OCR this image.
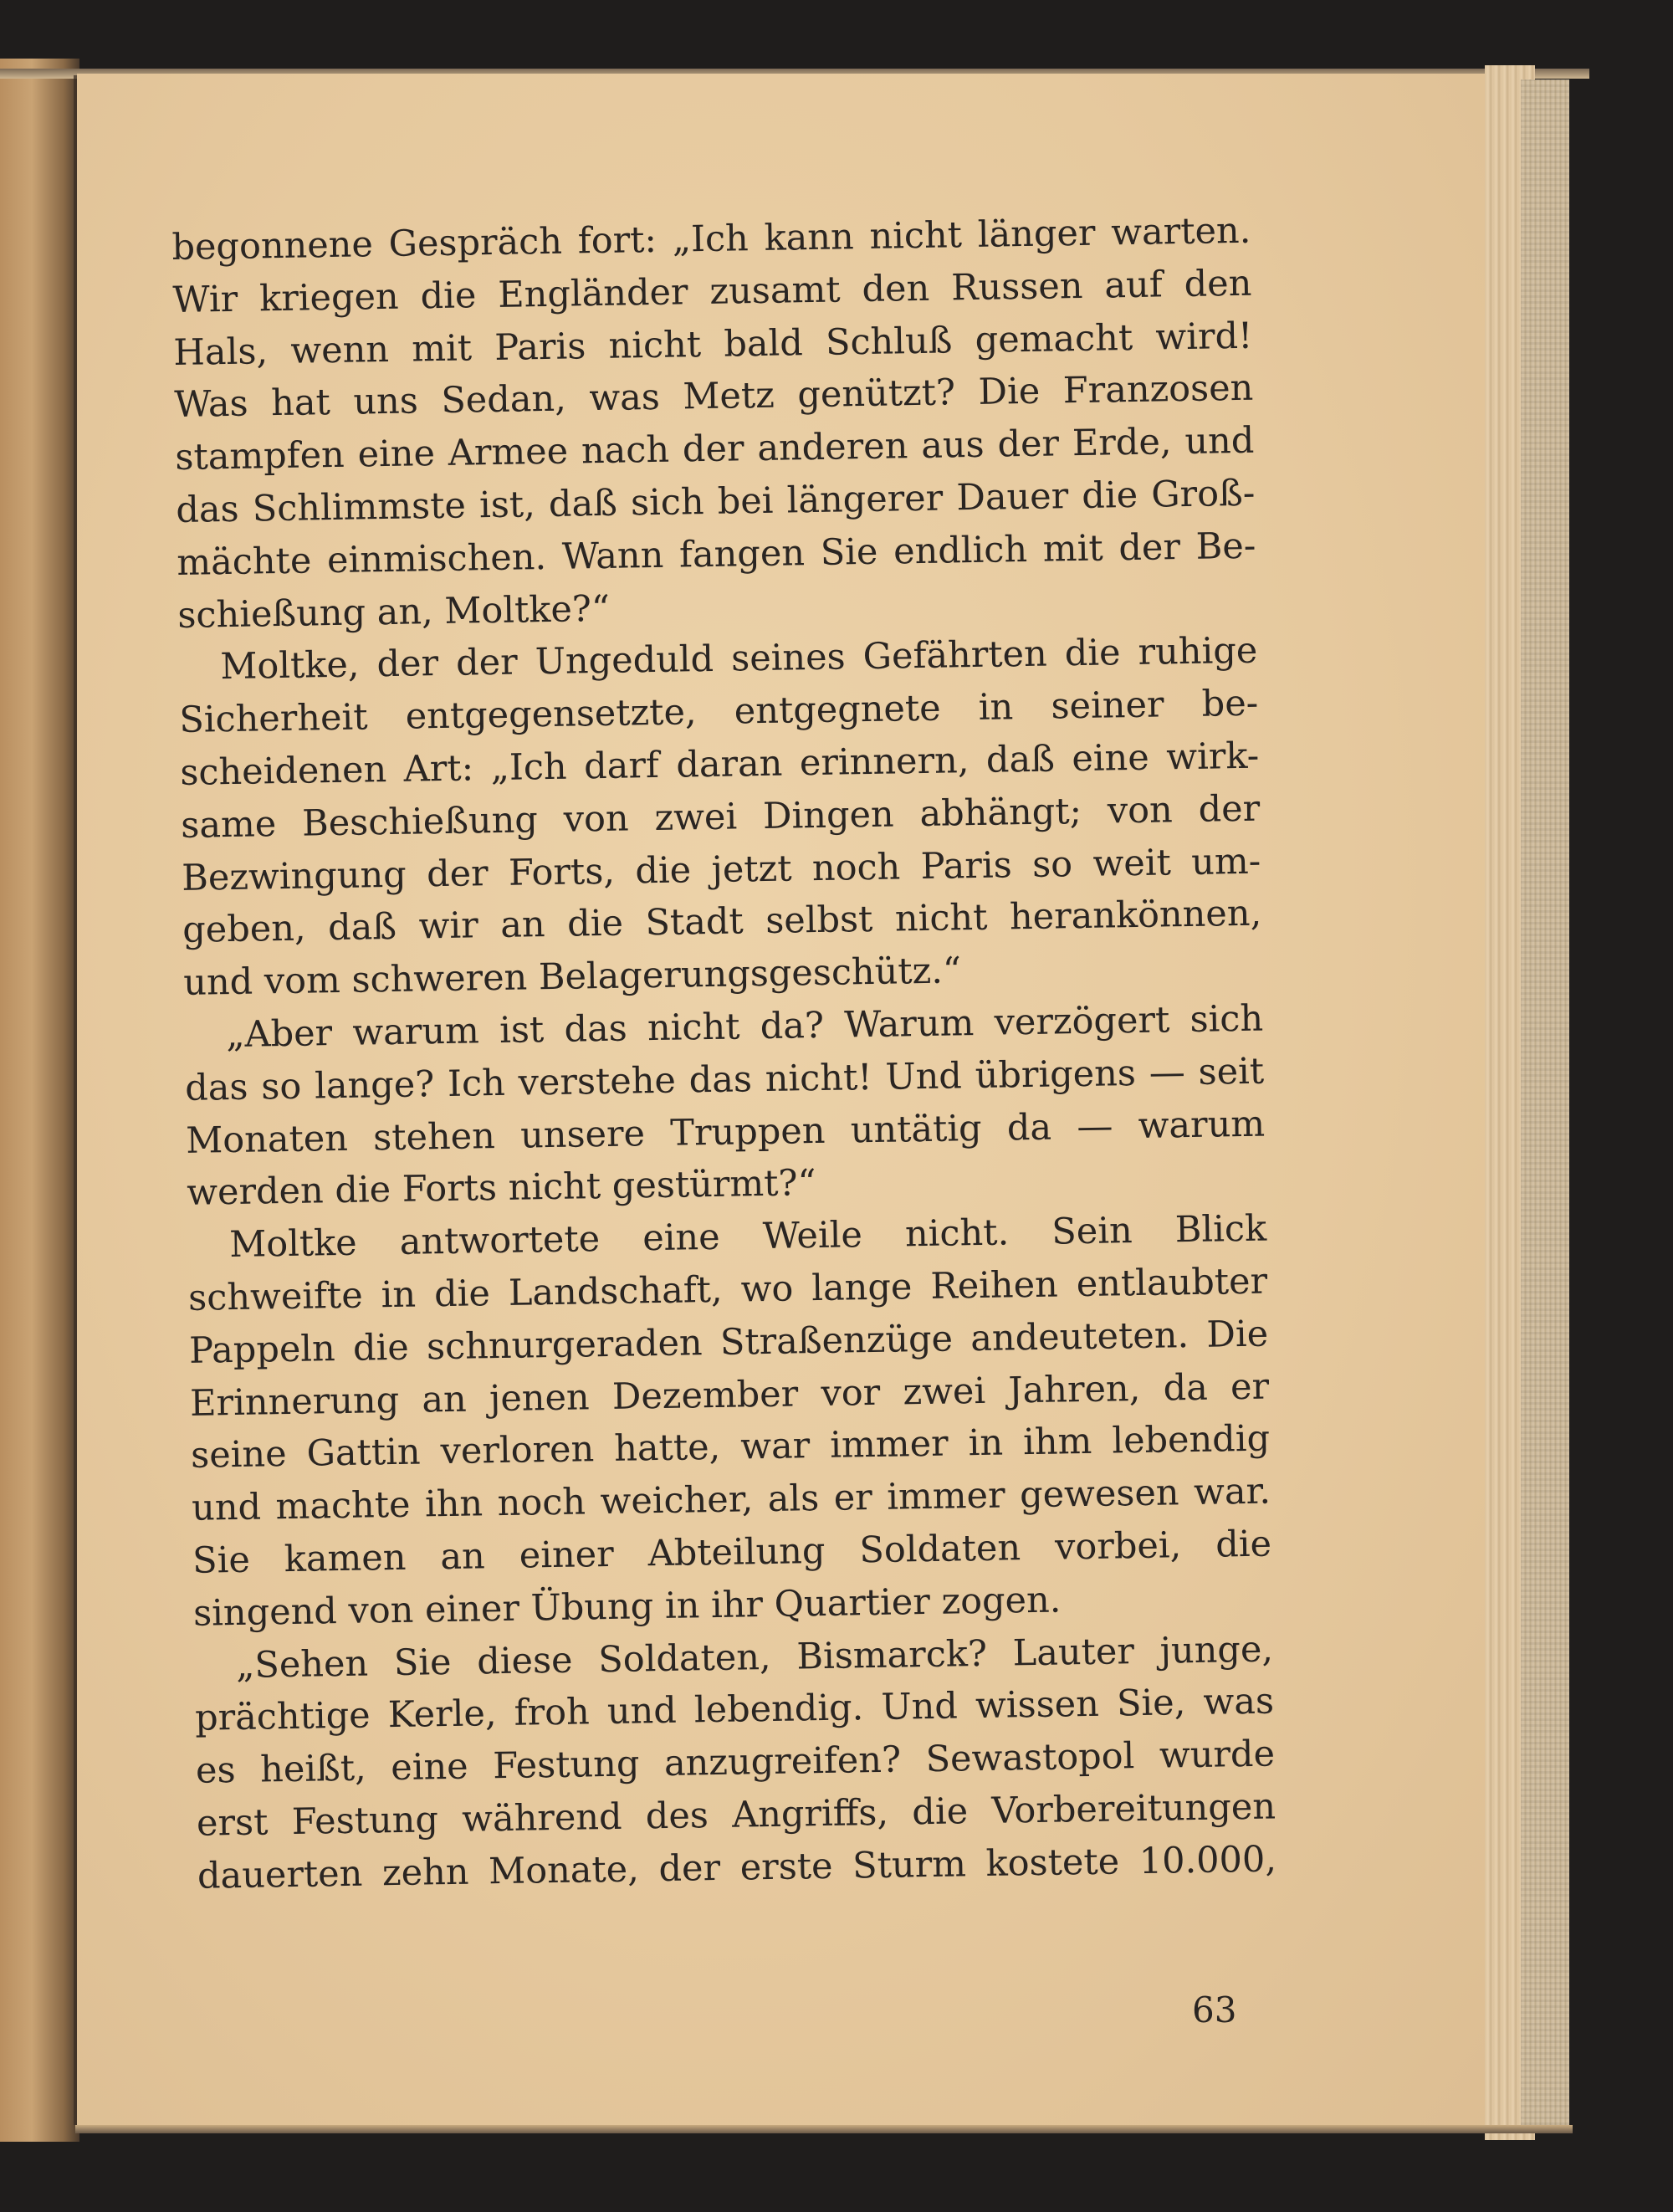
begonnene Gespräch fort: „Ich kann nicht länger warten.
Wir kriegen die Engländer zusamt den Russen auf den
Hals, wenn mit Paris nicht bald Schluß gemacht wird!
Was hat uns Sedan, was Metz genützt? Die Franzosen
stampfen eine Armee nach der anderen aus der Erde, und
das Schlimmste ist, daß sich bei längerer Dauer die Groß-
mächte einmischen. Wann fangen Sie endlich mit der Be-
schießung an, Moltke?“
Moltke, der der Ungeduld seines Gefährten die ruhige
Sicherheit entgegensetzte, entgegnete in seiner be-
scheidenen Art: „Ich darf daran erinnern, daß eine wirk-
same Beschießung von zwei Dingen abhängt; von der
Bezwingung der Forts, die jetzt noch Paris so weit um-
geben, daß wir an die Stadt selbst nicht herankönnen,
und vom schweren Belagerungsgeschütz.“
„Aber warum ist das nicht da? Warum verzögert sich
das so lange? Ich verstehe das nicht! Und übrigens — seit
Monaten stehen unsere Truppen untätig da — warum
werden die Forts nicht gestürmt?“
Moltke antwortete eine Weile nicht. Sein Blick
schweifte in die Landschaft, wo lange Reihen entlaubter
Pappeln die schnurgeraden Straßenzüge andeuteten. Die
Erinnerung an jenen Dezember vor zwei Jahren, da er
seine Gattin verloren hatte, war immer in ihm lebendig
und machte ihn noch weicher, als er immer gewesen war.
Sie kamen an einer Abteilung Soldaten vorbei, die
singend von einer Übung in ihr Quartier zogen.
„Sehen Sie diese Soldaten, Bismarck? Lauter junge,
prächtige Kerle, froh und lebendig. Und wissen Sie, was
es heißt, eine Festung anzugreifen? Sewastopol wurde
erst Festung während des Angriffs, die Vorbereitungen
dauerten zehn Monate, der erste Sturm kostete 10.000,
63
